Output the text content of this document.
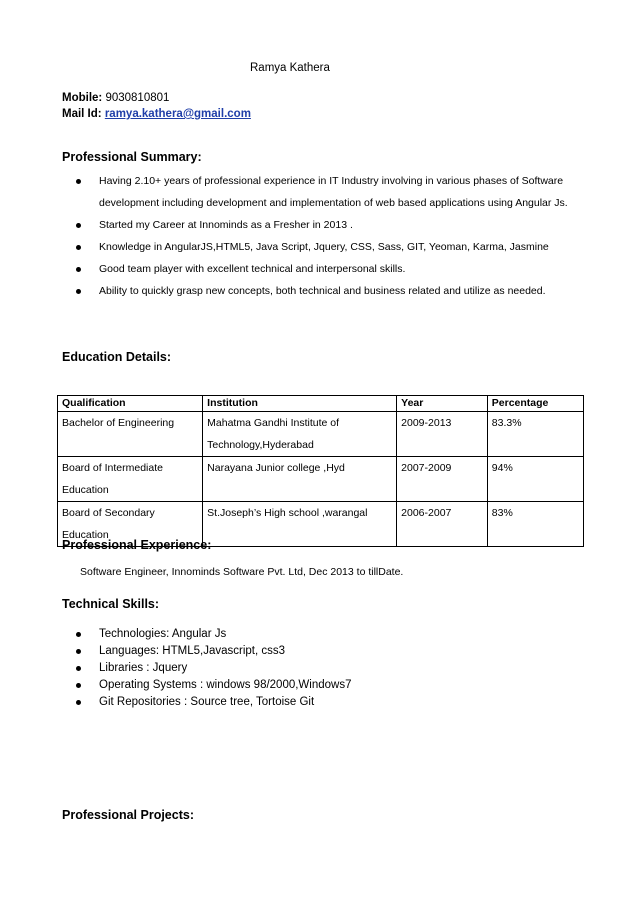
Ramya Kathera
Mobile: 9030810801
Mail Id: ramya.kathera@gmail.com
Professional Summary:
Having 2.10+ years of professional experience in IT Industry involving in various phases of Software development including development and implementation of web based applications using Angular Js.
Started my Career at Innominds as a Fresher in 2013 .
Knowledge in AngularJS,HTML5, Java Script, Jquery, CSS, Sass, GIT, Yeoman, Karma, Jasmine
Good team player with excellent technical and interpersonal skills.
Ability to quickly grasp new concepts, both technical and business related and utilize as needed.
Education Details:
Qualification	Institution	Year	Percentage
Bachelor of Engineering	Mahatma Gandhi Institute of Technology,Hyderabad	2009-2013	83.3%
Board of Intermediate Education	Narayana Junior college ,Hyd	2007-2009	94%
Board of Secondary Education	St.Joseph’s High school ,warangal	2006-2007	83%
Professional Experience:
Software Engineer, Innominds Software Pvt. Ltd, Dec 2013 to tillDate.
Technical Skills:
Technologies: Angular Js
Languages: HTML5,Javascript, css3
Libraries : Jquery
Operating Systems : windows 98/2000,Windows7
Git Repositories : Source tree, Tortoise Git
Professional Projects:
